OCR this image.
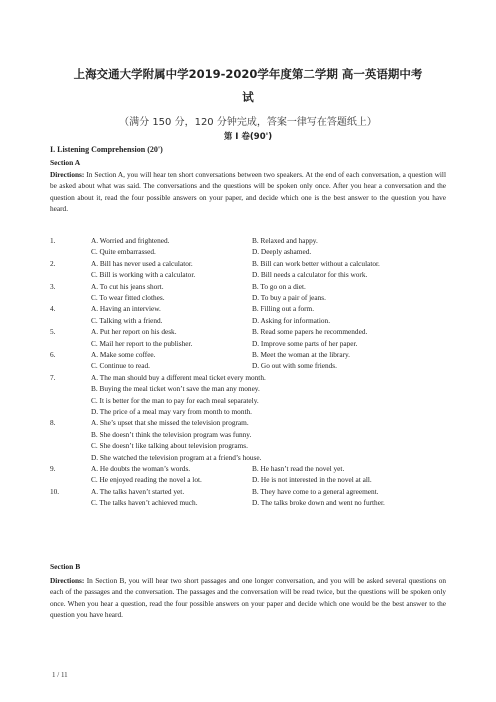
上海交通大学附属中学2019-2020学年度第二学期 高一英语期中考
试
（满分 150 分，120 分钟完成，答案一律写在答题纸上）
第 I 卷(90')
I. Listening Comprehension (20')
Section A
Directions: In Section A, you will hear ten short conversations between two speakers. At the end of each conversation, a question will be asked about what was said. The conversations and the questions will be spoken only once. After you hear a conversation and the question about it, read the four possible answers on your paper, and decide which one is the best answer to the question you have heard.
1.	A. Worried and frightened.	B. Relaxed and happy.
C. Quite embarrassed.	D. Deeply ashamed.
2.	A. Bill has never used a calculator.	B. Bill can work better without a calculator.
C. Bill is working with a calculator.	D. Bill needs a calculator for this work.
3.	A. To cut his jeans short.	B. To go on a diet.
C. To wear fitted clothes.	D. To buy a pair of jeans.
4.	A. Having an interview.	B. Filling out a form.
C. Talking with a friend.	D. Asking for information.
5.	A. Put her report on his desk.	B. Read some papers he recommended.
C. Mail her report to the publisher.	D. Improve some parts of her paper.
6.	A. Make some coffee.	B. Meet the woman at the library.
C. Continue to read.	D. Go out with some friends.
7.	A. The man should buy a different meal ticket every month.
B. Buying the meal ticket won’t save the man any money.
C. It is better for the man to pay for each meal separately.
D. The price of a meal may vary from month to month.
8.	A. She’s upset that she missed the television program.
B. She doesn’t think the television program was funny.
C. She doesn’t like talking about television programs.
D. She watched the television program at a friend’s house.
9.	A. He doubts the woman’s words.	B. He hasn’t read the novel yet.
C. He enjoyed reading the novel a lot.	D. He is not interested in the novel at all.
10.	A. The talks haven’t started yet.	B. They have come to a general agreement.
C. The talks haven’t achieved much.	D. The talks broke down and went no further.
Section B
Directions: In Section B, you will hear two short passages and one longer conversation, and you will be asked several questions on each of the passages and the conversation. The passages and the conversation will be read twice, but the questions will be spoken only once. When you hear a question, read the four possible answers on your paper and decide which one would be the best answer to the question you have heard.
1 / 11
